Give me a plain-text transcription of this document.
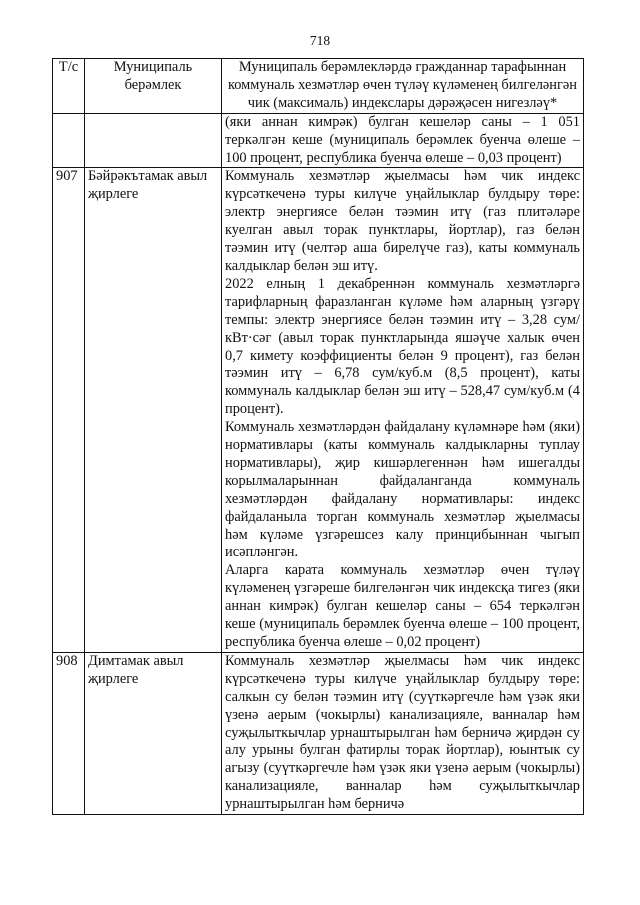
718
Т/с	Муниципаль берәмлек	Муниципаль берәмлекләрдә гражданнар тарафыннан коммуналь хезмәтләр өчен түләү күләменең билгеләнгән чик (максималь) индекслары дәрәҗәсен нигезләү*

		(яки аннан кимрәк) булган кешеләр саны – 1 051 теркәлгән кеше (муниципаль берәмлек буенча өлеше – 100 процент, республика буенча өлеше – 0,03 процент)

907	Бәйрәкътамак авыл җирлеге	Коммуналь хезмәтләр җыелмасы һәм чик индекс күрсәткеченә туры килүче уңайлыклар булдыру төре: электр энергиясе белән тәэмин итү (газ плитәләре куелган авыл торак пунктлары, йортлар), газ белән тәэмин итү (челтәр аша бирелүче газ), каты коммуналь калдыклар белән эш итү.

2022 елның 1 декабреннән коммуналь хезмәтләргә тарифларның фаразланган күләме һәм аларның үзгәрү темпы: электр энергиясе белән тәэмин итү – 3,28 сум/кВт·сәг (авыл торак пунктларында яшәүче халык өчен 0,7 кимету коэффициенты белән 9 процент), газ белән тәэмин итү – 6,78 сум/куб.м (8,5 процент), каты коммуналь калдыклар белән эш итү – 528,47 сум/куб.м (4 процент).

Коммуналь хезмәтләрдән файдалану күләмнәре һәм (яки) нормативлары (каты коммуналь калдыкларны туплау нормативлары), җир кишәрлегеннән һәм ишегалды корылмаларыннан файдаланганда коммуналь хезмәтләрдән файдалану нормативлары: индекс файдаланыла торган коммуналь хезмәтләр җыелмасы һәм күләме үзгәрешсез калу принцибыннан чыгып исәпләнгән.

Аларга карата коммуналь хезмәтләр өчен түләү күләменең үзгәреше билгеләнгән чик индексқа тигез (яки аннан кимрәк) булган кешеләр саны – 654 теркәлгән кеше (муниципаль берәмлек буенча өлеше – 100 процент, республика буенча өлеше – 0,02 процент)

908	Димтамак авыл җирлеге	Коммуналь хезмәтләр җыелмасы һәм чик индекс күрсәткеченә туры килүче уңайлыклар булдыру төре: салкын су белән тәэмин итү (суүткәргечле һәм үзәк яки үзенә аерым (чокырлы) канализацияле, ванналар һәм суҗылыткычлар урнаштырылган һәм берничә җирдән су алу урыны булган фатирлы торак йортлар), юынтык су агызу (суүткәргечле һәм үзәк яки үзенә аерым (чокырлы) канализацияле, ванналар һәм суҗылыткычлар урнаштырылган һәм берничә
